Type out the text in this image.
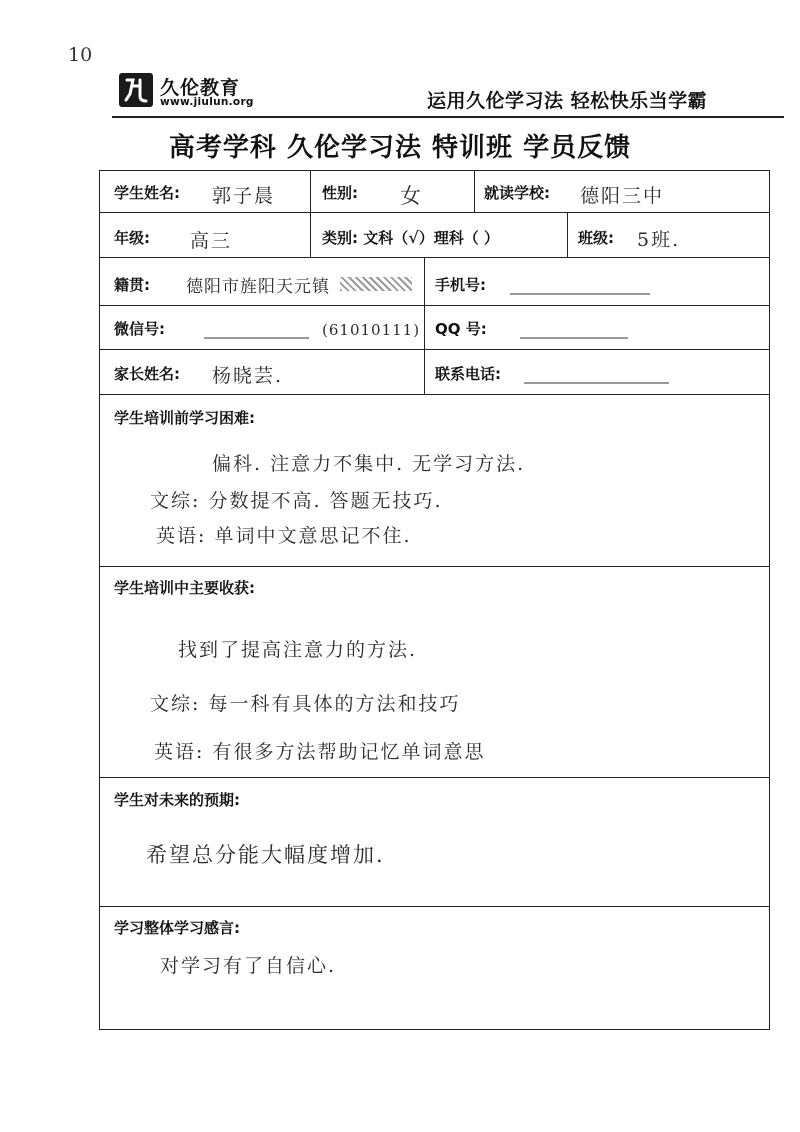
10
久伦教育
www.jiulun.org	运用久伦学习法 轻松快乐当学霸
高考学科 久伦学习法 特训班 学员反馈
学生姓名: 郭子晨	性别: 女	就读学校: 德阳三中
年级: 高三	类别: 文科（√）理科（ ）	班级: 5班.
籍贯: 德阳市旌阳天元镇	手机号:
微信号:	(61010111) QQ 号:
家长姓名: 杨晓芸.	联系电话:
学生培训前学习困难:
偏科. 注意力不集中. 无学习方法.
文综: 分数提不高. 答题无技巧.
英语: 单词中文意思记不住.
学生培训中主要收获:
找到了提高注意力的方法.
文综: 每一科有具体的方法和技巧
英语: 有很多方法帮助记忆单词意思
学生对未来的预期:
希望总分能大幅度增加.
学习整体学习感言:
对学习有了自信心.
